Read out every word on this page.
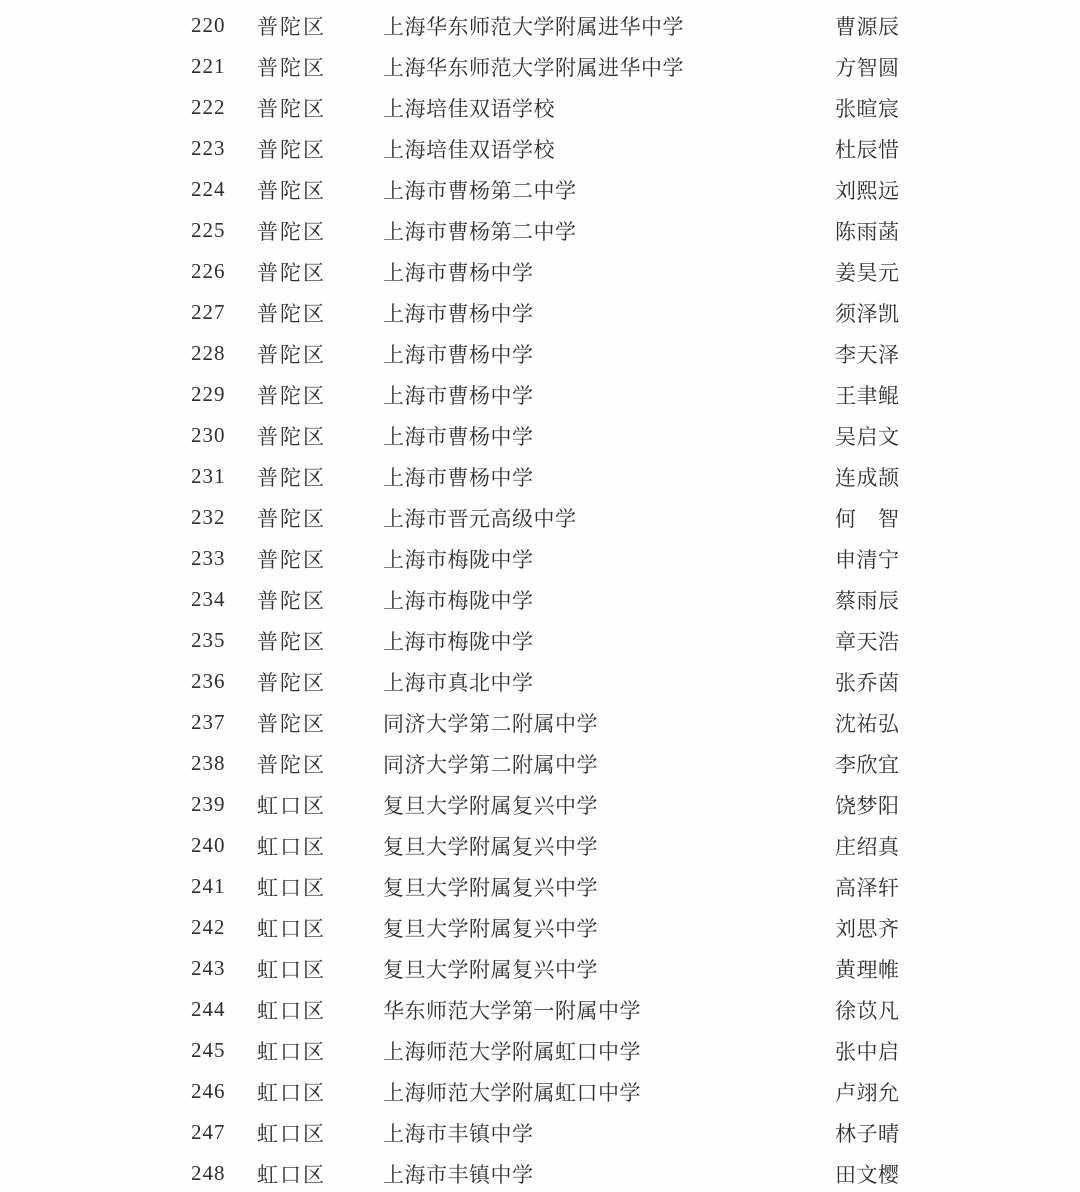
220	普陀区	上海华东师范大学附属进华中学	曹源辰
221	普陀区	上海华东师范大学附属进华中学	方智圆
222	普陀区	上海培佳双语学校	张暄宸
223	普陀区	上海培佳双语学校	杜辰惜
224	普陀区	上海市曹杨第二中学	刘熙远
225	普陀区	上海市曹杨第二中学	陈雨菡
226	普陀区	上海市曹杨中学	姜昊元
227	普陀区	上海市曹杨中学	须泽凯
228	普陀区	上海市曹杨中学	李天泽
229	普陀区	上海市曹杨中学	王聿鲲
230	普陀区	上海市曹杨中学	吴启文
231	普陀区	上海市曹杨中学	连成颉
232	普陀区	上海市晋元高级中学	何　智
233	普陀区	上海市梅陇中学	申清宁
234	普陀区	上海市梅陇中学	蔡雨辰
235	普陀区	上海市梅陇中学	章天浩
236	普陀区	上海市真北中学	张乔茵
237	普陀区	同济大学第二附属中学	沈祐弘
238	普陀区	同济大学第二附属中学	李欣宜
239	虹口区	复旦大学附属复兴中学	饶梦阳
240	虹口区	复旦大学附属复兴中学	庄绍真
241	虹口区	复旦大学附属复兴中学	高泽轩
242	虹口区	复旦大学附属复兴中学	刘思齐
243	虹口区	复旦大学附属复兴中学	黄理帷
244	虹口区	华东师范大学第一附属中学	徐苡凡
245	虹口区	上海师范大学附属虹口中学	张中启
246	虹口区	上海师范大学附属虹口中学	卢翊允
247	虹口区	上海市丰镇中学	林子晴
248	虹口区	上海市丰镇中学	田文樱
